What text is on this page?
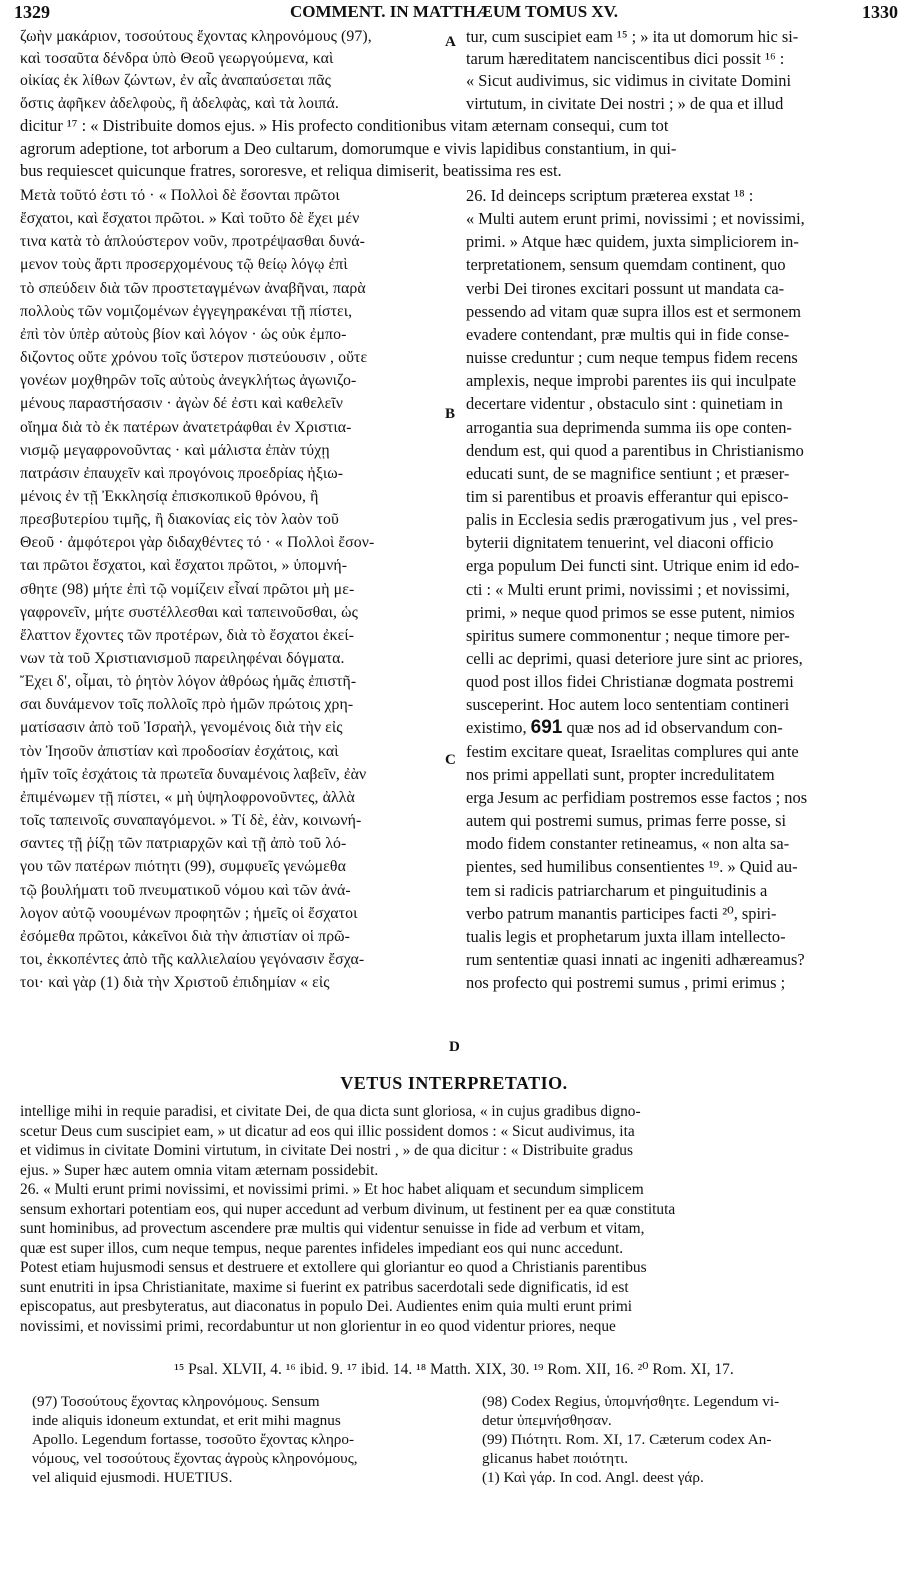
1329	COMMENT. IN MATTHÆUM TOMUS XV.	1330
ζωὴν μακάριον, τοσούτους ἔχοντας κληρονόμους (97),
καὶ τοσαῦτα δένδρα ὑπὸ Θεοῦ γεωργούμενα, καὶ
οἰκίας ἐκ λίθων ζώντων, ἐν αἷς ἀναπαύσεται πᾶς
ὅστις ἀφῆκεν ἀδελφοὺς, ἢ ἀδελφὰς, καὶ τὰ λοιπά.
tur, cum suscipiet eam ¹⁵ ; » ita ut domorum hic si-
tarum hæreditatem nanciscentibus dici possit ¹⁶ :
« Sicut audivimus, sic vidimus in civitate Domini
virtutum, in civitate Dei nostri ; » de qua et illud
dicitur ¹⁷ : « Distribuite domos ejus. » His profecto conditionibus vitam æternam consequi, cum tot
agrorum adeptione, tot arborum a Deo cultarum, domorumque e vivis lapidibus constantium, in qui-
bus requiescet quicunque fratres, sororesve, et reliqua dimiserit, beatissima res est.
Μετὰ τοῦτό ἐστι τό · « Πολλοὶ δὲ ἔσονται πρῶτοι
ἔσχατοι, καὶ ἔσχατοι πρῶτοι. » Καὶ τοῦτο δὲ ἔχει μέν
τινα κατὰ τὸ ἁπλούστερον νοῦν, προτρέψασθαι δυνά-
μενον τοὺς ἄρτι προσερχομένους τῷ θείῳ λόγῳ ἐπὶ
τὸ σπεύδειν διὰ τῶν προστεταγμένων ἀναβῆναι, παρὰ
πολλοὺς τῶν νομιζομένων ἐγγεγηρακέναι τῇ πίστει,
ἐπὶ τὸν ὑπὲρ αὐτοὺς βίον καὶ λόγον · ὡς οὐκ ἐμπο-
διζοντος οὔτε χρόνου τοῖς ὕστερον πιστεύουσιν , οὔτε
γονέων μοχθηρῶν τοῖς αὐτοὺς ἀνεγκλήτως ἀγωνιζο-
μένους παραστήσασιν · ἀγὼν δέ ἐστι καὶ καθελεῖν
οἴημα διὰ τὸ ἐκ πατέρων ἀνατετράφθαι ἐν Χριστια-
νισμῷ μεγαφρονοῦντας · καὶ μάλιστα ἐπὰν τύχῃ
πατράσιν ἐπαυχεῖν καὶ προγόνοις προεδρίας ἠξιω-
μένοις ἐν τῇ Ἐκκλησίᾳ ἐπισκοπικοῦ θρόνου, ἢ
πρεσβυτερίου τιμῆς, ἢ διακονίας εἰς τὸν λαὸν τοῦ
Θεοῦ · ἀμφότεροι γὰρ διδαχθέντες τό · « Πολλοὶ ἔσον-
ται πρῶτοι ἔσχατοι, καὶ ἔσχατοι πρῶτοι, » ὑπομνή-
σθητε (98) μήτε ἐπὶ τῷ νομίζειν εἶναί πρῶτοι μὴ με-
γαφρονεῖν, μήτε συστέλλεσθαι καὶ ταπεινοῦσθαι, ὡς
ἔλαττον ἔχοντες τῶν προτέρων, διὰ τὸ ἔσχατοι ἐκεί-
νων τὰ τοῦ Χριστιανισμοῦ παρειληφέναι δόγματα.
Ἔχει δ', οἶμαι, τὸ ῥητὸν λόγον ἀθρόως ἡμᾶς ἐπιστῆ-
σαι δυνάμενον τοῖς πολλοῖς πρὸ ἡμῶν πρώτοις χρη-
ματίσασιν ἀπὸ τοῦ Ἰσραὴλ, γενομένοις διὰ τὴν εἰς
τὸν Ἰησοῦν ἀπιστίαν καὶ προδοσίαν ἐσχάτοις, καὶ
ἡμῖν τοῖς ἐσχάτοις τὰ πρωτεῖα δυναμένοις λαβεῖν, ἐὰν
ἐπιμένωμεν τῇ πίστει, « μὴ ὑψηλοφρονοῦντες, ἀλλὰ
τοῖς ταπεινοῖς συναπαγόμενοι. » Τί δὲ, ἐὰν, κοινωνή-
σαντες τῇ ῥίζῃ τῶν πατριαρχῶν καὶ τῇ ἀπὸ τοῦ λό-
γου τῶν πατέρων πιότητι (99), συμφυεῖς γενώμεθα
τῷ βουλήματι τοῦ πνευματικοῦ νόμου καὶ τῶν ἀνά-
λογον αὐτῷ νοουμένων προφητῶν ; ἡμεῖς οἱ ἔσχατοι
ἐσόμεθα πρῶτοι, κἀκεῖνοι διὰ τὴν ἀπιστίαν οἱ πρῶ-
τοι, ἐκκοπέντες ἀπὸ τῆς καλλιελαίου γεγόνασιν ἔσχα-
τοι· καὶ γὰρ (1) διὰ τὴν Χριστοῦ ἐπιδημίαν « εἰς
26. Id deinceps scriptum præterea exstat ¹⁸ :
« Multi autem erunt primi, novissimi ; et novissimi,
primi. » Atque hæc quidem, juxta simpliciorem in-
terpretationem, sensum quemdam continent, quo
verbi Dei tirones excitari possunt ut mandata ca-
pessendo ad vitam quæ supra illos est et sermonem
evadere contendant, præ multis qui in fide conse-
nuisse creduntur ; cum neque tempus fidem recens
amplexis, neque improbi parentes iis qui inculpate
decertare videntur , obstaculo sint : quinetiam in
arrogantia sua deprimenda summa iis ope conten-
dendum est, qui quod a parentibus in Christianismo
educati sunt, de se magnifice sentiunt ; et præser-
tim si parentibus et proavis efferantur qui episco-
palis in Ecclesia sedis prærogativum jus , vel pres-
byterii dignitatem tenuerint, vel diaconi officio
erga populum Dei functi sint. Utrique enim id edo-
cti : « Multi erunt primi, novissimi ; et novissimi,
primi, » neque quod primos se esse putent, nimios
spiritus sumere commonentur ; neque timore per-
celli ac deprimi, quasi deteriore jure sint ac priores,
quod post illos fidei Christianæ dogmata postremi
susceperint. Hoc autem loco sententiam contineri
existimo, 691 quæ nos ad id observandum con-
festim excitare queat, Israelitas complures qui ante
nos primi appellati sunt, propter incredulitatem
erga Jesum ac perfidiam postremos esse factos ; nos
autem qui postremi sumus, primas ferre posse, si
modo fidem constanter retineamus, « non alta sa-
pientes, sed humilibus consentientes ¹⁹. » Quid au-
tem si radicis patriarcharum et pinguitudinis a
verbo patrum manantis participes facti ²⁰, spiri-
tualis legis et prophetarum juxta illam intellecto-
rum sententiæ quasi innati ac ingeniti adhæreamus?
nos profecto qui postremi sumus , primi erimus ;
A
B
C
D
VETUS INTERPRETATIO.
intellige mihi in requie paradisi, et civitate Dei, de qua dicta sunt gloriosa, « in cujus gradibus digno-
scetur Deus cum suscipiet eam, » ut dicatur ad eos qui illic possident domos : « Sicut audivimus, ita
et vidimus in civitate Domini virtutum, in civitate Dei nostri , » de qua dicitur : « Distribuite gradus
ejus. » Super hæc autem omnia vitam æternam possidebit.
26. « Multi erunt primi novissimi, et novissimi primi. » Et hoc habet aliquam et secundum simplicem
sensum exhortari potentiam eos, qui nuper accedunt ad verbum divinum, ut festinent per ea quæ constituta
sunt hominibus, ad provectum ascendere præ multis qui videntur senuisse in fide ad verbum et vitam,
quæ est super illos, cum neque tempus, neque parentes infideles impediant eos qui nunc accedunt.
Potest etiam hujusmodi sensus et destruere et extollere qui gloriantur eo quod a Christianis parentibus
sunt enutriti in ipsa Christianitate, maxime si fuerint ex patribus sacerdotali sede dignificatis, id est
episcopatus, aut presbyteratus, aut diaconatus in populo Dei. Audientes enim quia multi erunt primi
novissimi, et novissimi primi, recordabuntur ut non glorientur in eo quod videntur priores, neque
¹⁵ Psal. XLVII, 4. ¹⁶ ibid. 9. ¹⁷ ibid. 14. ¹⁸ Matth. XIX, 30. ¹⁹ Rom. XII, 16. ²⁰ Rom. XI, 17.
(97) Τοσούτους ἔχοντας κληρονόμους. Sensum
inde aliquis idoneum extundat, et erit mihi magnus
Apollo. Legendum fortasse, τοσοῦτο ἔχοντας κληρο-
νόμους, vel τοσούτους ἔχοντας ἀγροὺς κληρονόμους,
vel aliquid ejusmodi. HUETIUS.
(98) Codex Regius, ὑπομνήσθητε. Legendum vi-
detur ὑπεμνήσθησαν.
(99) Πιότητι. Rom. XI, 17. Cæterum codex An-
glicanus habet ποιότητι.
(1) Καὶ γάρ. In cod. Angl. deest γάρ.
